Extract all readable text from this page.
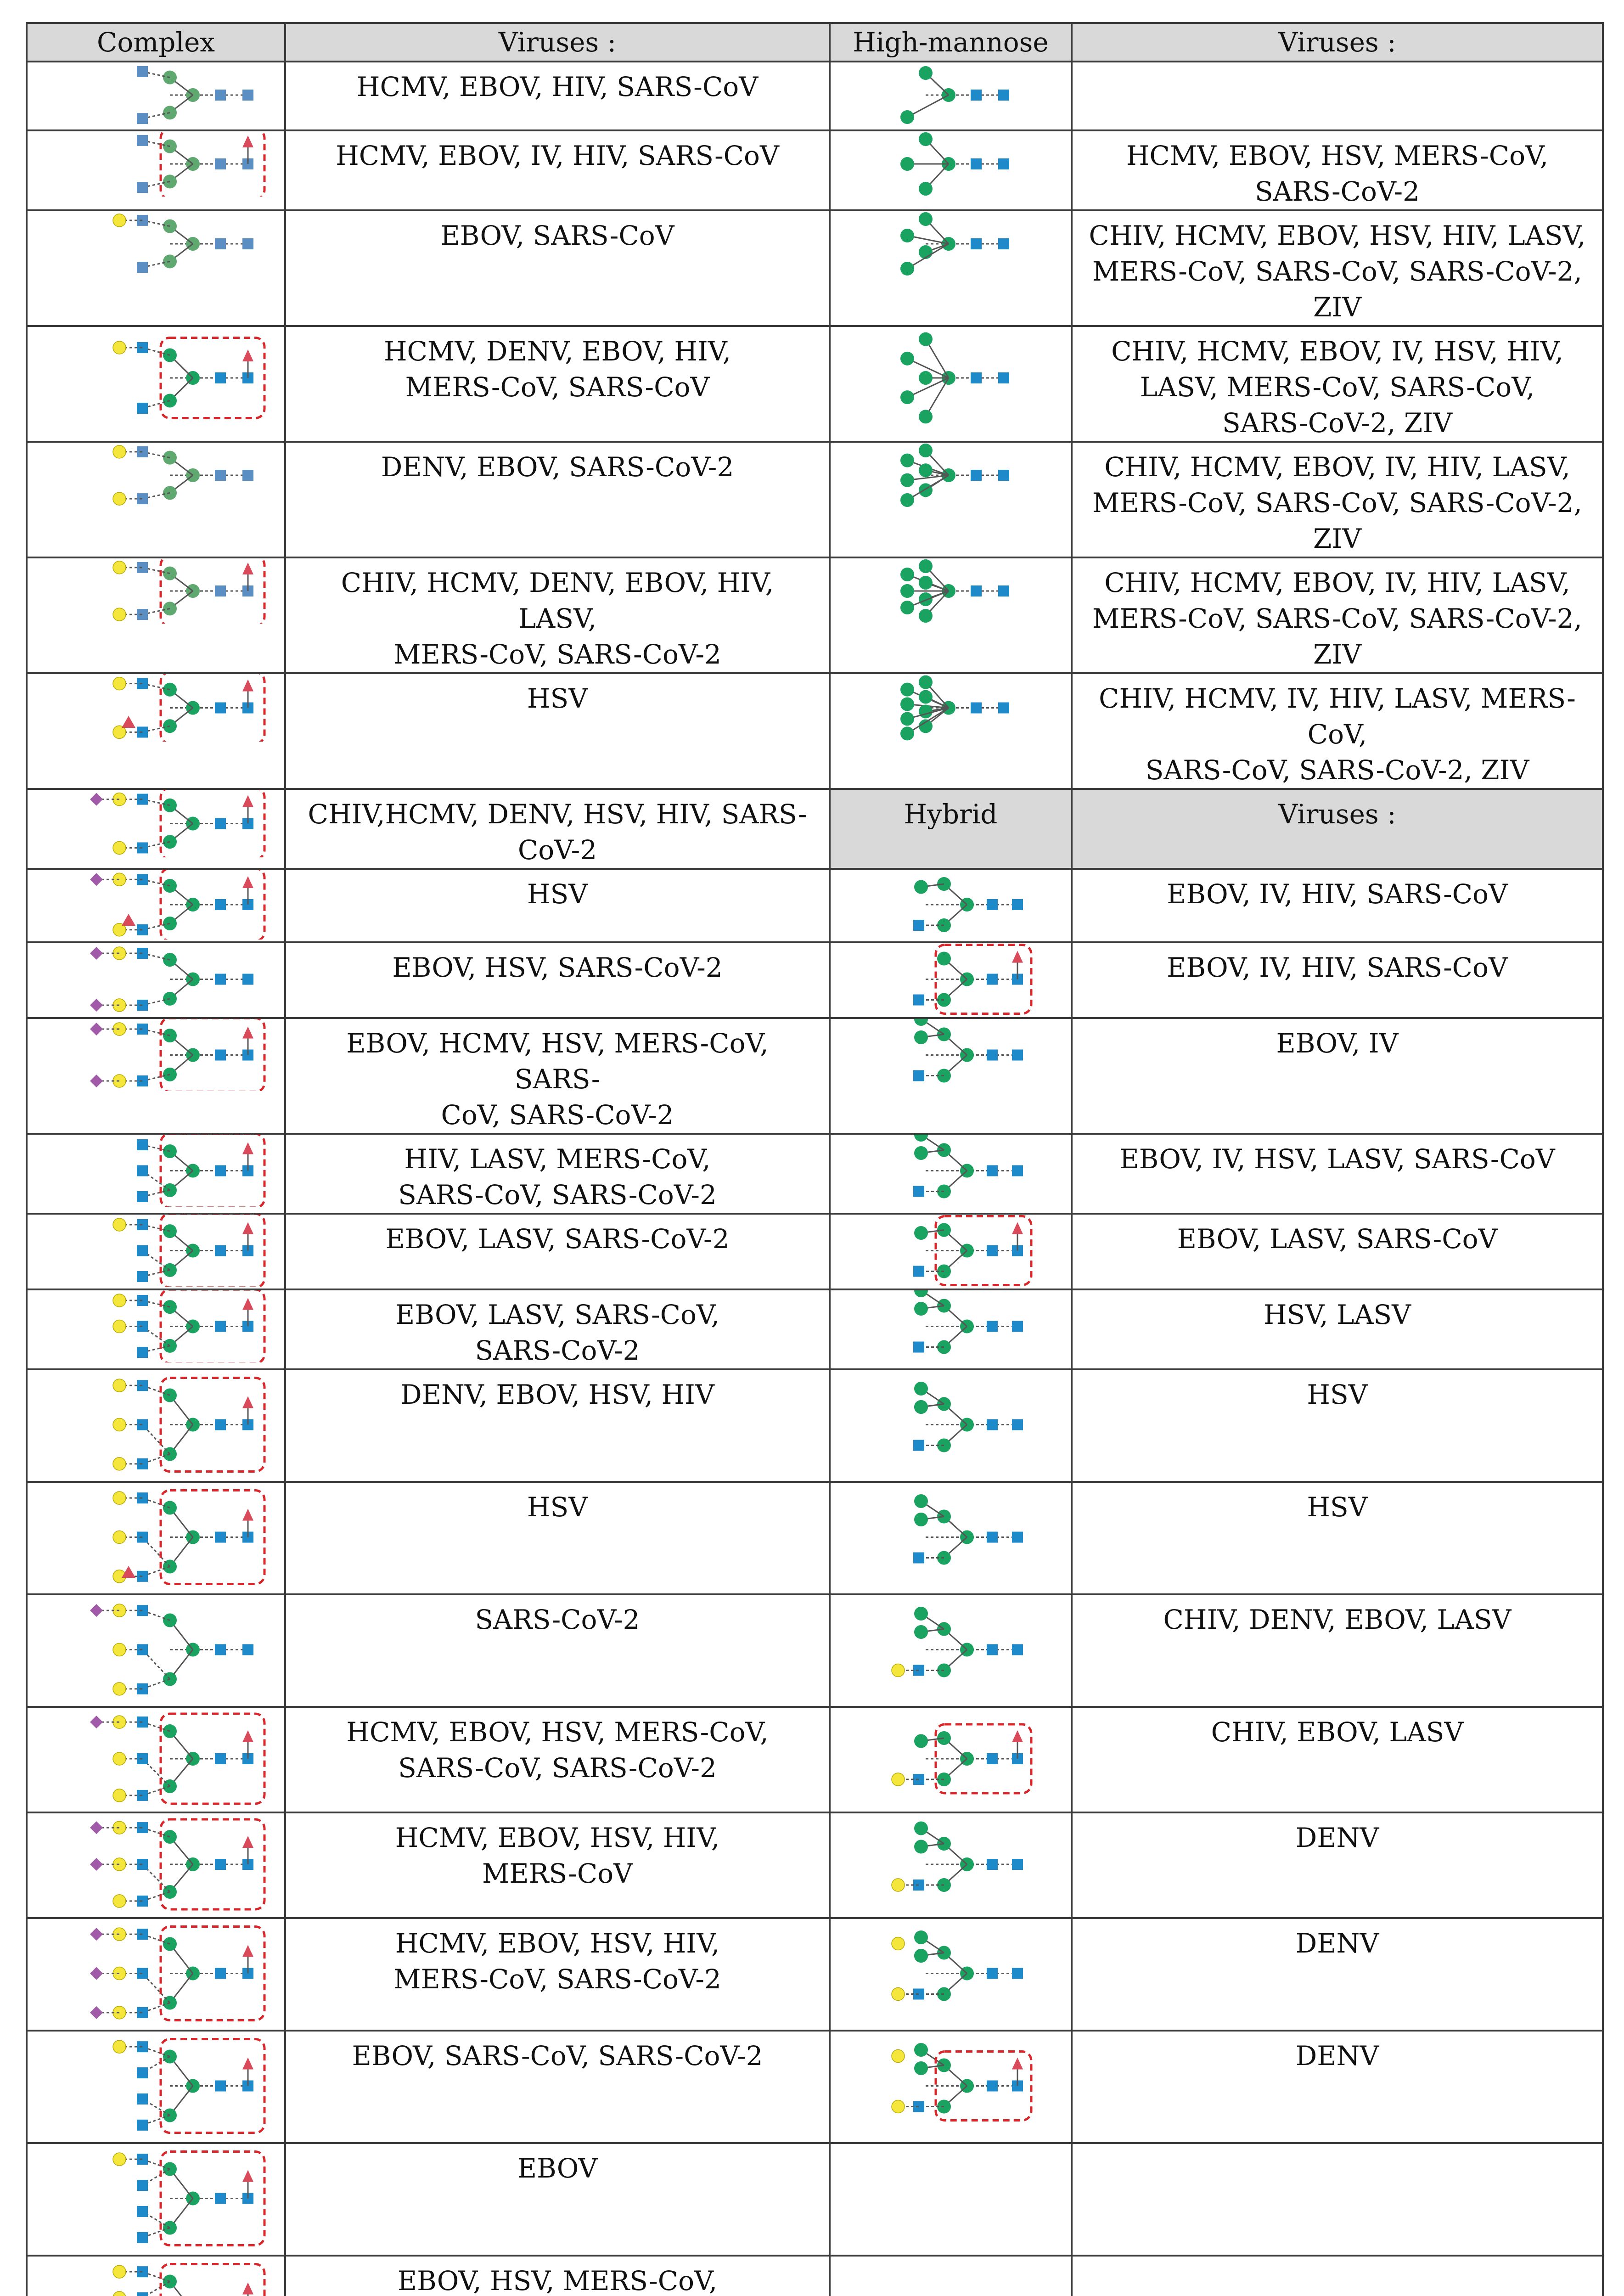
Complex	Viruses :	High-mannose	Viruses :

	HCMV, EBOV, HIV, SARS-CoV	

	HCMV, EBOV, IV, HIV, SARS-CoV		HCMV, EBOV, HSV, MERS-CoV,
SARS-CoV-2

	EBOV, SARS-CoV		CHIV, HCMV, EBOV, HSV, HIV, LASV,
MERS-CoV, SARS-CoV, SARS-CoV-2, ZIV

	HCMV, DENV, EBOV, HIV,
MERS-CoV, SARS-CoV		CHIV, HCMV, EBOV, IV, HSV, HIV,
LASV, MERS-CoV, SARS-CoV,
SARS-CoV-2, ZIV

	DENV, EBOV, SARS-CoV-2		CHIV, HCMV, EBOV, IV, HIV, LASV,
MERS-CoV, SARS-CoV, SARS-CoV-2, ZIV

	CHIV, HCMV, DENV, EBOV, HIV, LASV,
MERS-CoV, SARS-CoV-2		CHIV, HCMV, EBOV, IV, HIV, LASV,
MERS-CoV, SARS-CoV, SARS-CoV-2, ZIV

	HSV		CHIV, HCMV, IV, HIV, LASV, MERS-CoV,
SARS-CoV, SARS-CoV-2, ZIV

	CHIV,HCMV, DENV, HSV, HIV, SARS-
CoV-2	Hybrid	Viruses :

	HSV		EBOV, IV, HIV, SARS-CoV

	EBOV, HSV, SARS-CoV-2		EBOV, IV, HIV, SARS-CoV

	EBOV, HCMV, HSV, MERS-CoV, SARS-
CoV, SARS-CoV-2		EBOV, IV

	HIV, LASV, MERS-CoV,
SARS-CoV, SARS-CoV-2		EBOV, IV, HSV, LASV, SARS-CoV

	EBOV, LASV, SARS-CoV-2		EBOV, LASV, SARS-CoV

	EBOV, LASV, SARS-CoV,
SARS-CoV-2		HSV, LASV

	DENV, EBOV, HSV, HIV		HSV

	HSV		HSV

	SARS-CoV-2		CHIV, DENV, EBOV, LASV

	HCMV, EBOV, HSV, MERS-CoV,
SARS-CoV, SARS-CoV-2		CHIV, EBOV, LASV

	HCMV, EBOV, HSV, HIV,
MERS-CoV		DENV

	HCMV, EBOV, HSV, HIV,
MERS-CoV, SARS-CoV-2		DENV

	EBOV, SARS-CoV, SARS-CoV-2		DENV

	EBOV		

	EBOV, HSV, MERS-CoV,
